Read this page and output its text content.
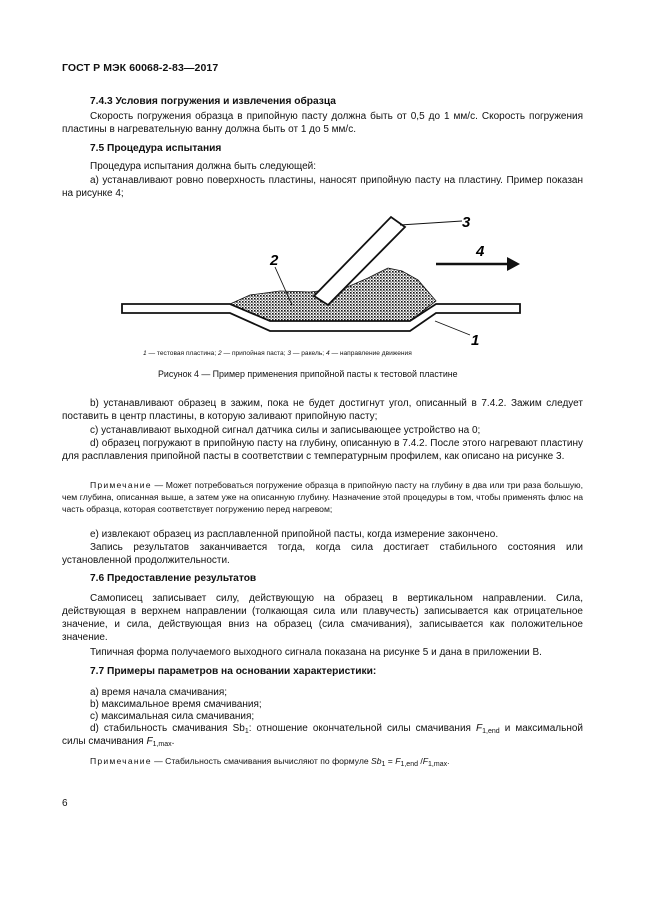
ГОСТ Р МЭК 60068-2-83—2017
7.4.3 Условия погружения и извлечения образца
Скорость погружения образца в припойную пасту должна быть от 0,5 до 1 мм/с. Скорость погружения пластины в нагревательную ванну должна быть от 1 до 5 мм/с.
7.5 Процедура испытания
Процедура испытания должна быть следующей:
а) устанавливают ровно поверхность пластины, наносят припойную пасту на пластину. Пример показан на рисунке 4;
1
2
3
4
1 — тестовая пластина; 2 — припойная паста; 3 — ракель; 4 — направление движения
Рисунок 4 — Пример применения припойной пасты к тестовой пластине
b) устанавливают образец в зажим, пока не будет достигнут угол, описанный в 7.4.2. Зажим следует поставить в центр пластины, в которую заливают припойную пасту;
с) устанавливают выходной сигнал датчика силы и записывающее устройство на 0;
d) образец погружают в припойную пасту на глубину, описанную в 7.4.2. После этого нагревают пластину для расплавления припойной пасты в соответствии с температурным профилем, как описано на рисунке 3.
Примечание — Может потребоваться погружение образца в припойную пасту на глубину в два или три раза большую, чем глубина, описанная выше, а затем уже на описанную глубину. Назначение этой процедуры в том, чтобы применять флюс на часть образца, которая соответствует погружению перед нагревом;
е) извлекают образец из расплавленной припойной пасты, когда измерение закончено.
Запись результатов заканчивается тогда, когда сила достигает стабильного состояния или установленной продолжительности.
7.6 Предоставление результатов
Самописец записывает силу, действующую на образец в вертикальном направлении. Сила, действующая в верхнем направлении (толкающая сила или плавучесть) записывается как отрицательное значение, и сила, действующая вниз на образец (сила смачивания), записывается как положительное значение.
Типичная форма получаемого выходного сигнала показана на рисунке 5 и дана в приложении В.
7.7 Примеры параметров на основании характеристики:
а) время начала смачивания;
b) максимальное время смачивания;
с) максимальная сила смачивания;
d) стабильность смачивания $Sb_1$: отношение окончательной силы смачивания $F_{1,end}$ и максимальной силы смачивания $F_{1,max}$.
Примечание — Стабильность смачивания вычисляют по формуле $Sb_1 = F_{1,end}$ $/F_{1,max}$.
6
